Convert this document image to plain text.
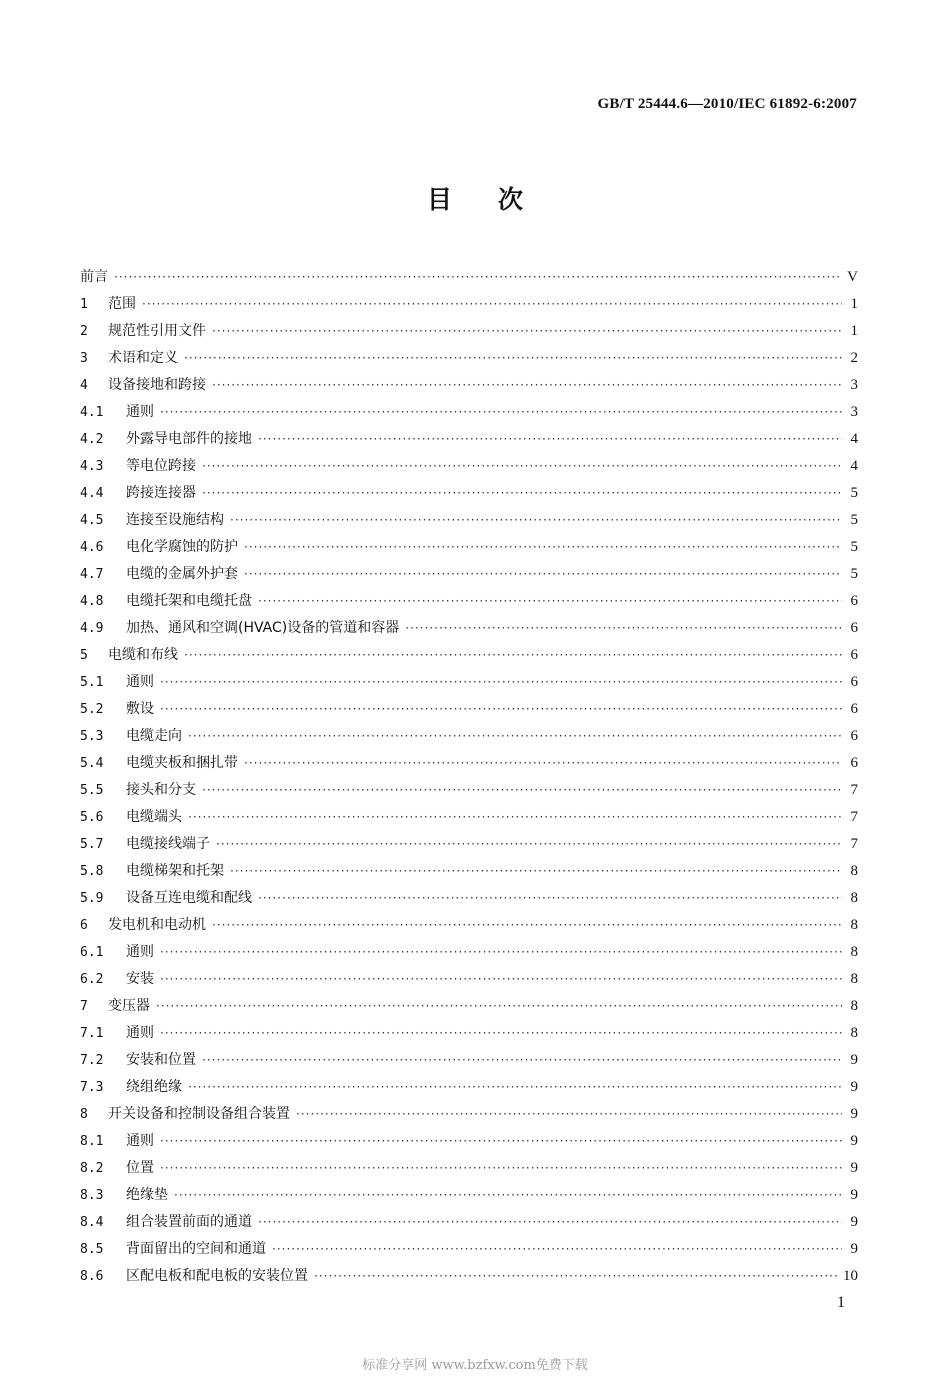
GB/T 25444.6—2010/IEC 61892-6:2007
目 次
前言 ·····	V
1	范围 ·····	1
2	规范性引用文件 ·····	1
3	术语和定义 ·····	2
4	设备接地和跨接 ·····	3
4.1	通则 ·····	3
4.2	外露导电部件的接地 ·····	4
4.3	等电位跨接 ·····	4
4.4	跨接连接器 ·····	5
4.5	连接至设施结构 ·····	5
4.6	电化学腐蚀的防护 ·····	5
4.7	电缆的金属外护套 ·····	5
4.8	电缆托架和电缆托盘 ·····	6
4.9	加热、通风和空调(HVAC)设备的管道和容器 ·····	6
5	电缆和布线 ·····	6
5.1	通则 ·····	6
5.2	敷设 ·····	6
5.3	电缆走向 ·····	6
5.4	电缆夹板和捆扎带 ·····	6
5.5	接头和分支 ·····	7
5.6	电缆端头 ·····	7
5.7	电缆接线端子 ·····	7
5.8	电缆梯架和托架 ·····	8
5.9	设备互连电缆和配线 ·····	8
6	发电机和电动机 ·····	8
6.1	通则 ·····	8
6.2	安装 ·····	8
7	变压器 ·····	8
7.1	通则 ·····	8
7.2	安装和位置 ·····	9
7.3	绕组绝缘 ·····	9
8	开关设备和控制设备组合装置 ·····	9
8.1	通则 ·····	9
8.2	位置 ·····	9
8.3	绝缘垫 ·····	9
8.4	组合装置前面的通道 ·····	9
8.5	背面留出的空间和通道 ·····	9
8.6	区配电板和配电板的安装位置 ·····	10
1
标准分享网 www.bzfxw.com免费下载
